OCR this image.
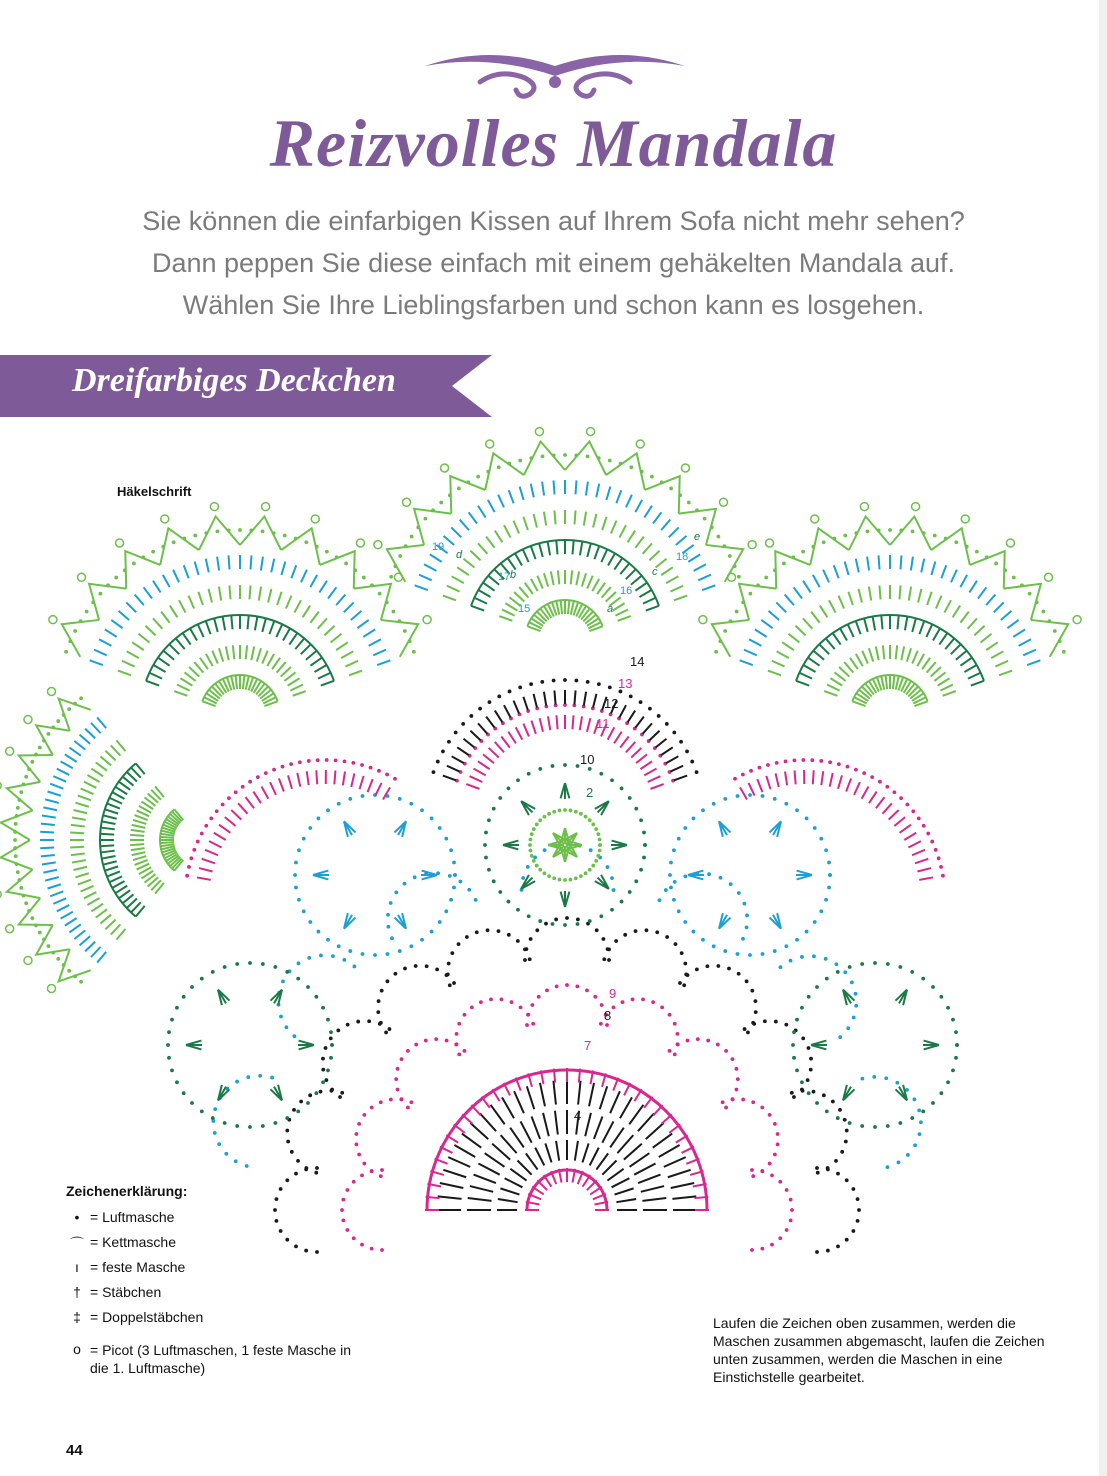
Reizvolles Mandala
Sie können die einfarbigen Kissen auf Ihrem Sofa nicht mehr sehen?
Dann peppen Sie diese einfach mit einem gehäkelten Mandala auf.
Wählen Sie Ihre Lieblingsfarben und schon kann es losgehen.
Dreifarbiges Deckchen
Häkelschrift
2
4
7
8
9
10
11
12
13
14
15
16
17
18
19
a
b	c
d
e
Zeichenerklärung:
• = Luftmasche
⌒ = Kettmasche
ı = feste Masche
† = Stäbchen
‡ = Doppelstäbchen
o = Picot (3 Luftmaschen, 1 feste Masche in die 1. Luftmasche)
Laufen die Zeichen oben zusammen, werden die Maschen zusammen abgemascht, laufen die Zeichen unten zusammen, werden die Maschen in eine Einstichstelle gearbeitet.
44
